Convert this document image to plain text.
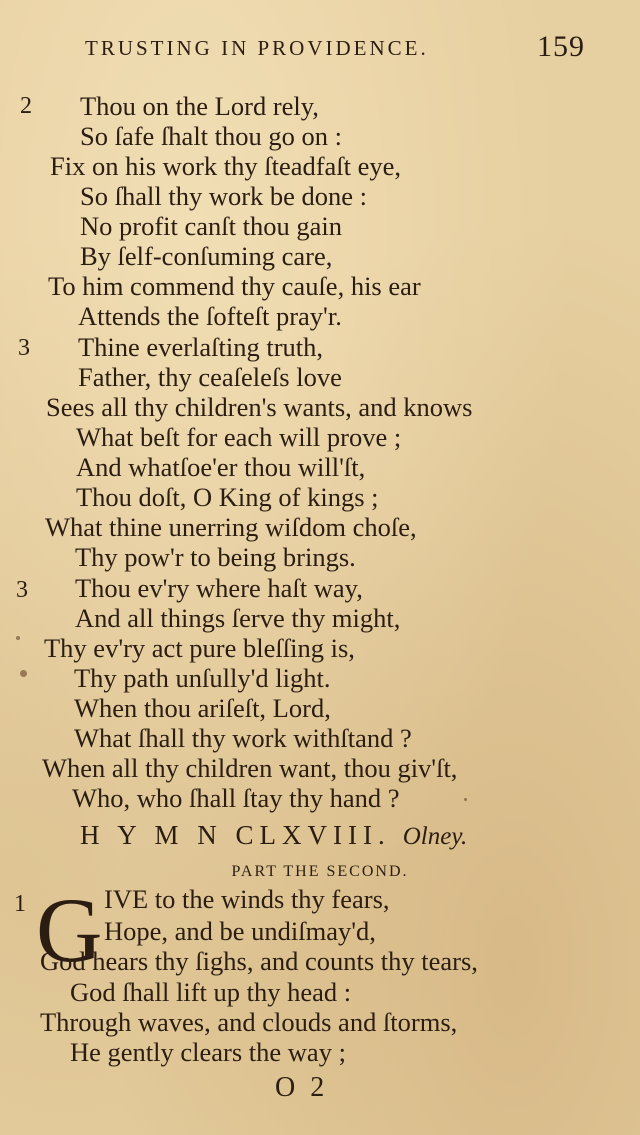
TRUSTING IN PROVIDENCE.	159
2
3
3
1
Thou on the Lord rely,
So ſafe ſhalt thou go on :
Fix on his work thy ſteadfaſt eye,
So ſhall thy work be done :
No profit canſt thou gain
By ſelf-conſuming care,
To him commend thy cauſe, his ear
Attends the ſofteſt pray'r.
Thine everlaſting truth,
Father, thy ceaſeleſs love
Sees all thy children's wants, and knows
What beſt for each will prove ;
And whatſoe'er thou will'ſt,
Thou doſt, O King of kings ;
What thine unerring wiſdom choſe,
Thy pow'r to being brings.
Thou ev'ry where haſt way,
And all things ſerve thy might,
Thy ev'ry act pure bleſſing is,
Thy path unſully'd light.
When thou ariſeſt, Lord,
What ſhall thy work withſtand ?
When all thy children want, thou giv'ſt,
Who, who ſhall ſtay thy hand ?
H Y M N CLXVIII. Olney.
PART THE SECOND.
G IVE to the winds thy fears,
Hope, and be undiſmay'd,
God hears thy ſighs, and counts thy tears,
God ſhall lift up thy head :
Through waves, and clouds and ſtorms,
He gently clears the way ;
O 2
